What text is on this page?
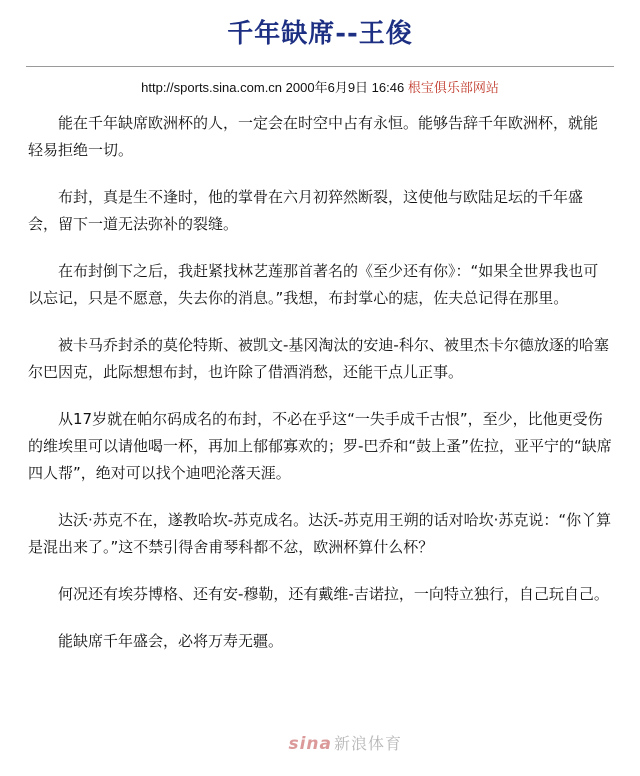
千年缺席--王俊
http://sports.sina.com.cn 2000年6月9日 16:46 根宝俱乐部网站

能在千年缺席欧洲杯的人，一定会在时空中占有永恒。能够告辞千年欧洲杯，就能轻易拒绝一切。

布封，真是生不逢时，他的掌骨在六月初猝然断裂，这使他与欧陆足坛的千年盛会，留下一道无法弥补的裂缝。

在布封倒下之后，我赶紧找林艺莲那首著名的《至少还有你》：“如果全世界我也可以忘记，只是不愿意，失去你的消息。”我想，布封掌心的痣，佐夫总记得在那里。

被卡马乔封杀的莫伦特斯、被凯文-基冈淘汰的安迪-科尔、被里杰卡尔德放逐的哈塞尔巴因克，此际想想布封，也许除了借酒消愁，还能干点儿正事。

从17岁就在帕尔码成名的布封，不必在乎这“一失手成千古恨”，至少，比他更受伤的维埃里可以请他喝一杯，再加上郁郁寡欢的；罗-巴乔和“鼓上蚤”佐拉，亚平宁的“缺席四人帮”，绝对可以找个迪吧沦落天涯。

达沃·苏克不在，遂教哈坎-苏克成名。达沃-苏克用王朔的话对哈坎·苏克说：“你丫算是混出来了。”这不禁引得舍甫琴科都不忿，欧洲杯算什么杯？

何况还有埃芬博格、还有安-穆勒，还有戴维-吉诺拉，一向特立独行，自己玩自己。

能缺席千年盛会，必将万寿无疆。

sina 新浪体育
